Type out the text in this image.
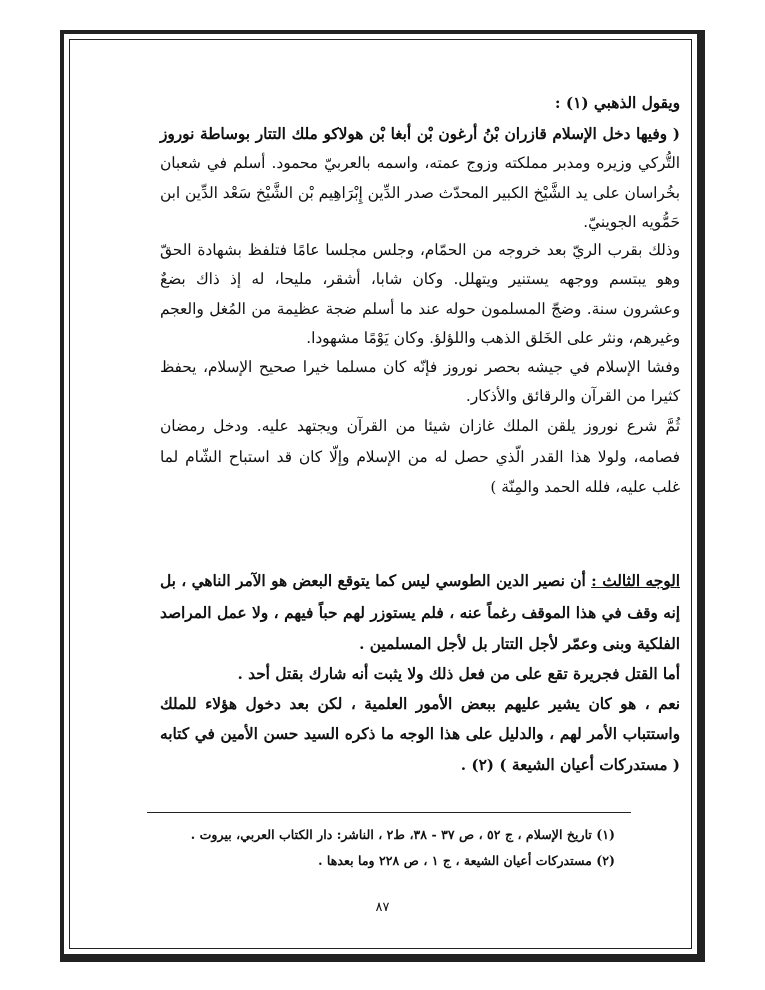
ويقول الذهبي (١) :
( وفيها دخل الإسلام قازران بْنُ أرغون بْن أبغا بْن هولاكو ملك التتار بوساطة نوروز
التُّركي وزيره ومدبر مملكته وزوج عمته، واسمه بالعربيّ محمود. أسلم في شعبان
بخُراسان على يد الشَّيْخ الكبير المحدّث صدر الدِّين إِبْرَاهِيم بْن الشَّيْخ سَعْد الدِّين ابن
حَمُّويه الجوينيّ.
وذلك بقرب الريّ بعد خروجه من الحمّام، وجلس مجلسا عامًا فتلفظ بشهادة الحقّ
وهو يبتسم ووجهه يستنير ويتهلل. وكان شابا، أشقر، مليحا، له إذ ذاك بضعٌ
وعشرون سنة. وضجّ المسلمون حوله عند ما أسلم ضجة عظيمة من المُغل والعجم
وغيرهم، ونثر على الخَلق الذهب واللؤلؤ. وكان يَوْمًا مشهودا.
وفشا الإسلام في جيشه بحصر نوروز فإنّه كان مسلما خيرا صحيح الإسلام، يحفظ
كثيرا من القرآن والرقائق والأذكار.
ثُمَّ شرع نوروز يلقن الملك غازان شيئا من القرآن ويجتهد عليه. ودخل رمضان
فصامه، ولولا هذا القدر الّذي حصل له من الإسلام وإلّا كان قد استباح الشّام لما
غلب عليه، فلله الحمد والمِنّة )
الوجه الثالث : أن نصير الدين الطوسي ليس كما يتوقع البعض هو الآمر الناهي ، بل
إنه وقف في هذا الموقف رغماً عنه ، فلم يستوزر لهم حباً فيهم ، ولا عمل المراصد
الفلكية وبنى وعمّر لأجل التتار بل لأجل المسلمين .
أما القتل فجريرة تقع على من فعل ذلك ولا يثبت أنه شارك بقتل أحد .
نعم ، هو كان يشير عليهم ببعض الأمور العلمية ، لكن بعد دخول هؤلاء للملك
واستتباب الأمر لهم ، والدليل على هذا الوجه ما ذكره السيد حسن الأمين في كتابه
( مستدركات أعيان الشيعة ) (٢) .
(١) تاريخ الإسلام ، ج ٥٢ ، ص ٣٧ - ٣٨، ط٢ ، الناشر: دار الكتاب العربي، بيروت .
(٢) مستدركات أعيان الشيعة ، ج ١ ، ص ٢٢٨ وما بعدها .
٨٧
